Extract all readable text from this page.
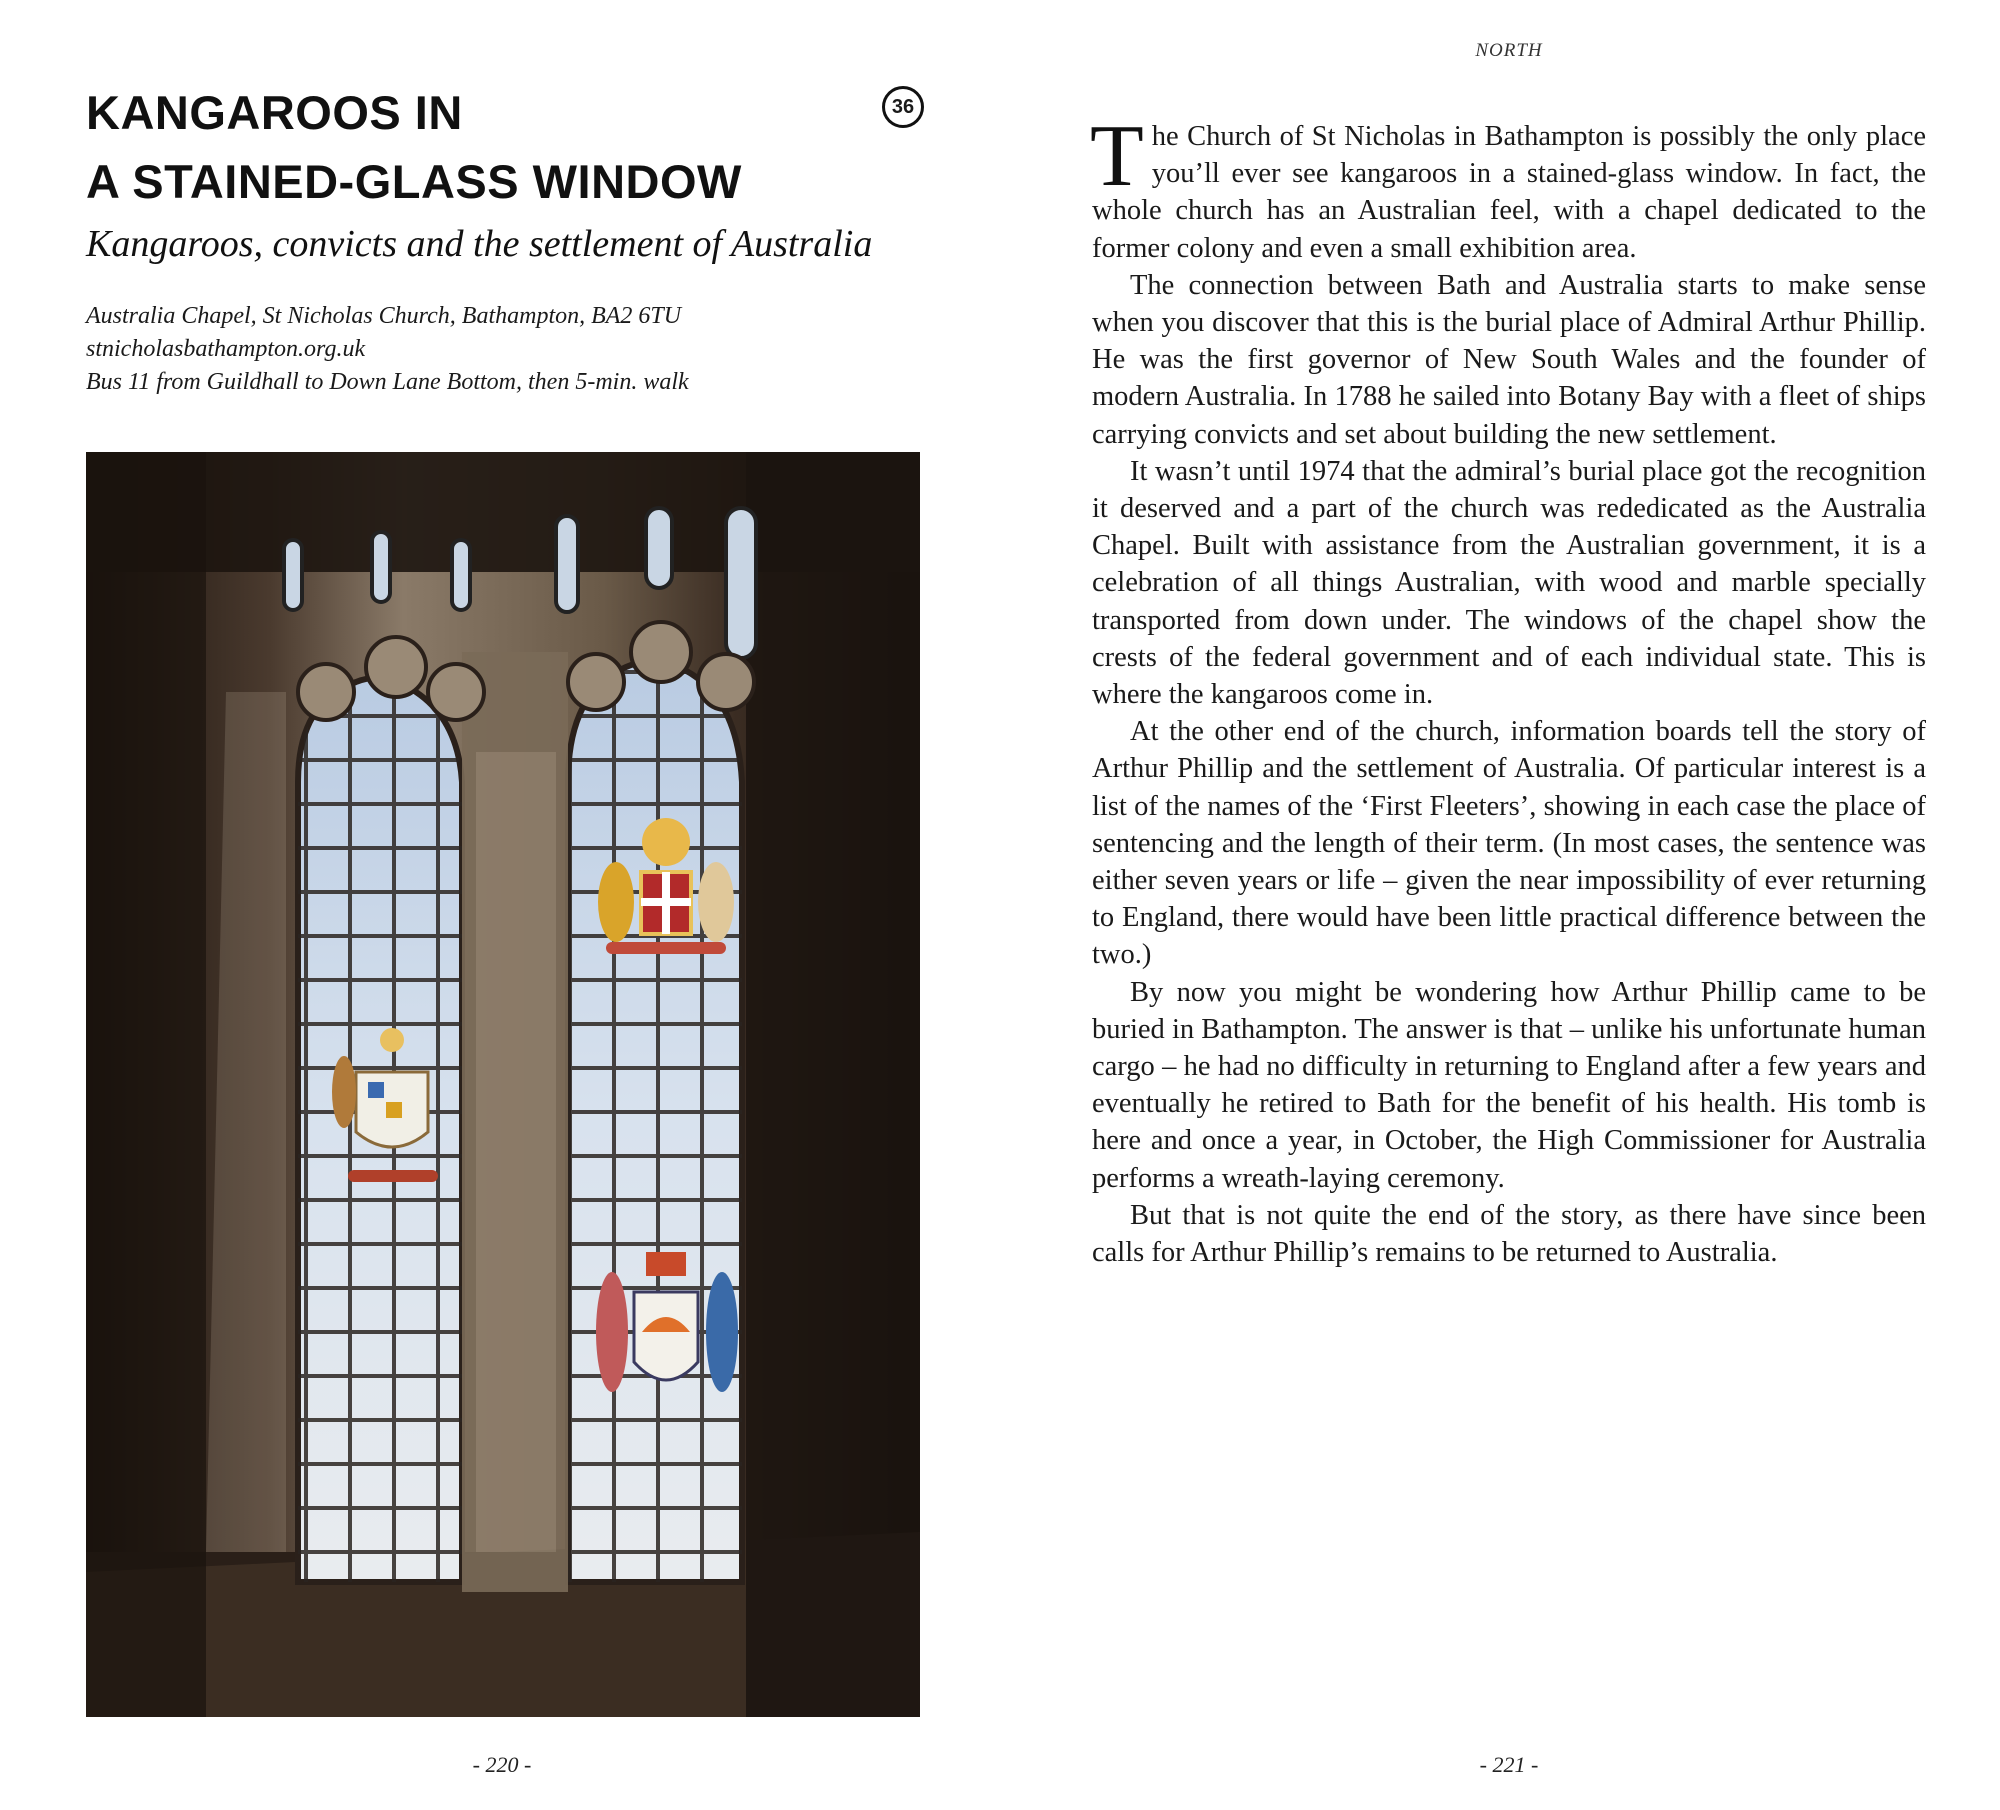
KANGAROOS IN
A STAINED-GLASS WINDOW
36
Kangaroos, convicts and the settlement of Australia
Australia Chapel, St Nicholas Church, Bathampton, BA2 6TU
stnicholasbathampton.org.uk
Bus 11 from Guildhall to Down Lane Bottom, then 5-min. walk
- 220 -
NORTH

The Church of St Nicholas in Bathampton is possibly the only place you’ll ever see kangaroos in a stained-glass window. In fact, the whole church has an Australian feel, with a chapel dedicated to the former colony and even a small exhibition area.

The connection between Bath and Australia starts to make sense when you discover that this is the burial place of Admiral Arthur Phillip. He was the first governor of New South Wales and the founder of modern Australia. In 1788 he sailed into Botany Bay with a fleet of ships carrying convicts and set about building the new settlement.

It wasn’t until 1974 that the admiral’s burial place got the recognition it deserved and a part of the church was rededicated as the Australia Chapel. Built with assistance from the Australian government, it is a celebration of all things Australian, with wood and marble specially transported from down under. The windows of the chapel show the crests of the federal government and of each individual state. This is where the kangaroos come in.

At the other end of the church, information boards tell the story of Arthur Phillip and the settlement of Australia. Of particular interest is a list of the names of the ‘First Fleeters’, showing in each case the place of sentencing and the length of their term. (In most cases, the sentence was either seven years or life – given the near impossibility of ever returning to England, there would have been little practical difference between the two.)

By now you might be wondering how Arthur Phillip came to be buried in Bathampton. The answer is that – unlike his unfortunate human cargo – he had no difficulty in returning to England after a few years and eventually he retired to Bath for the benefit of his health. His tomb is here and once a year, in October, the High Commissioner for Australia performs a wreath-laying ceremony.

But that is not quite the end of the story, as there have since been calls for Arthur Phillip’s remains to be returned to Australia.

- 221 -
